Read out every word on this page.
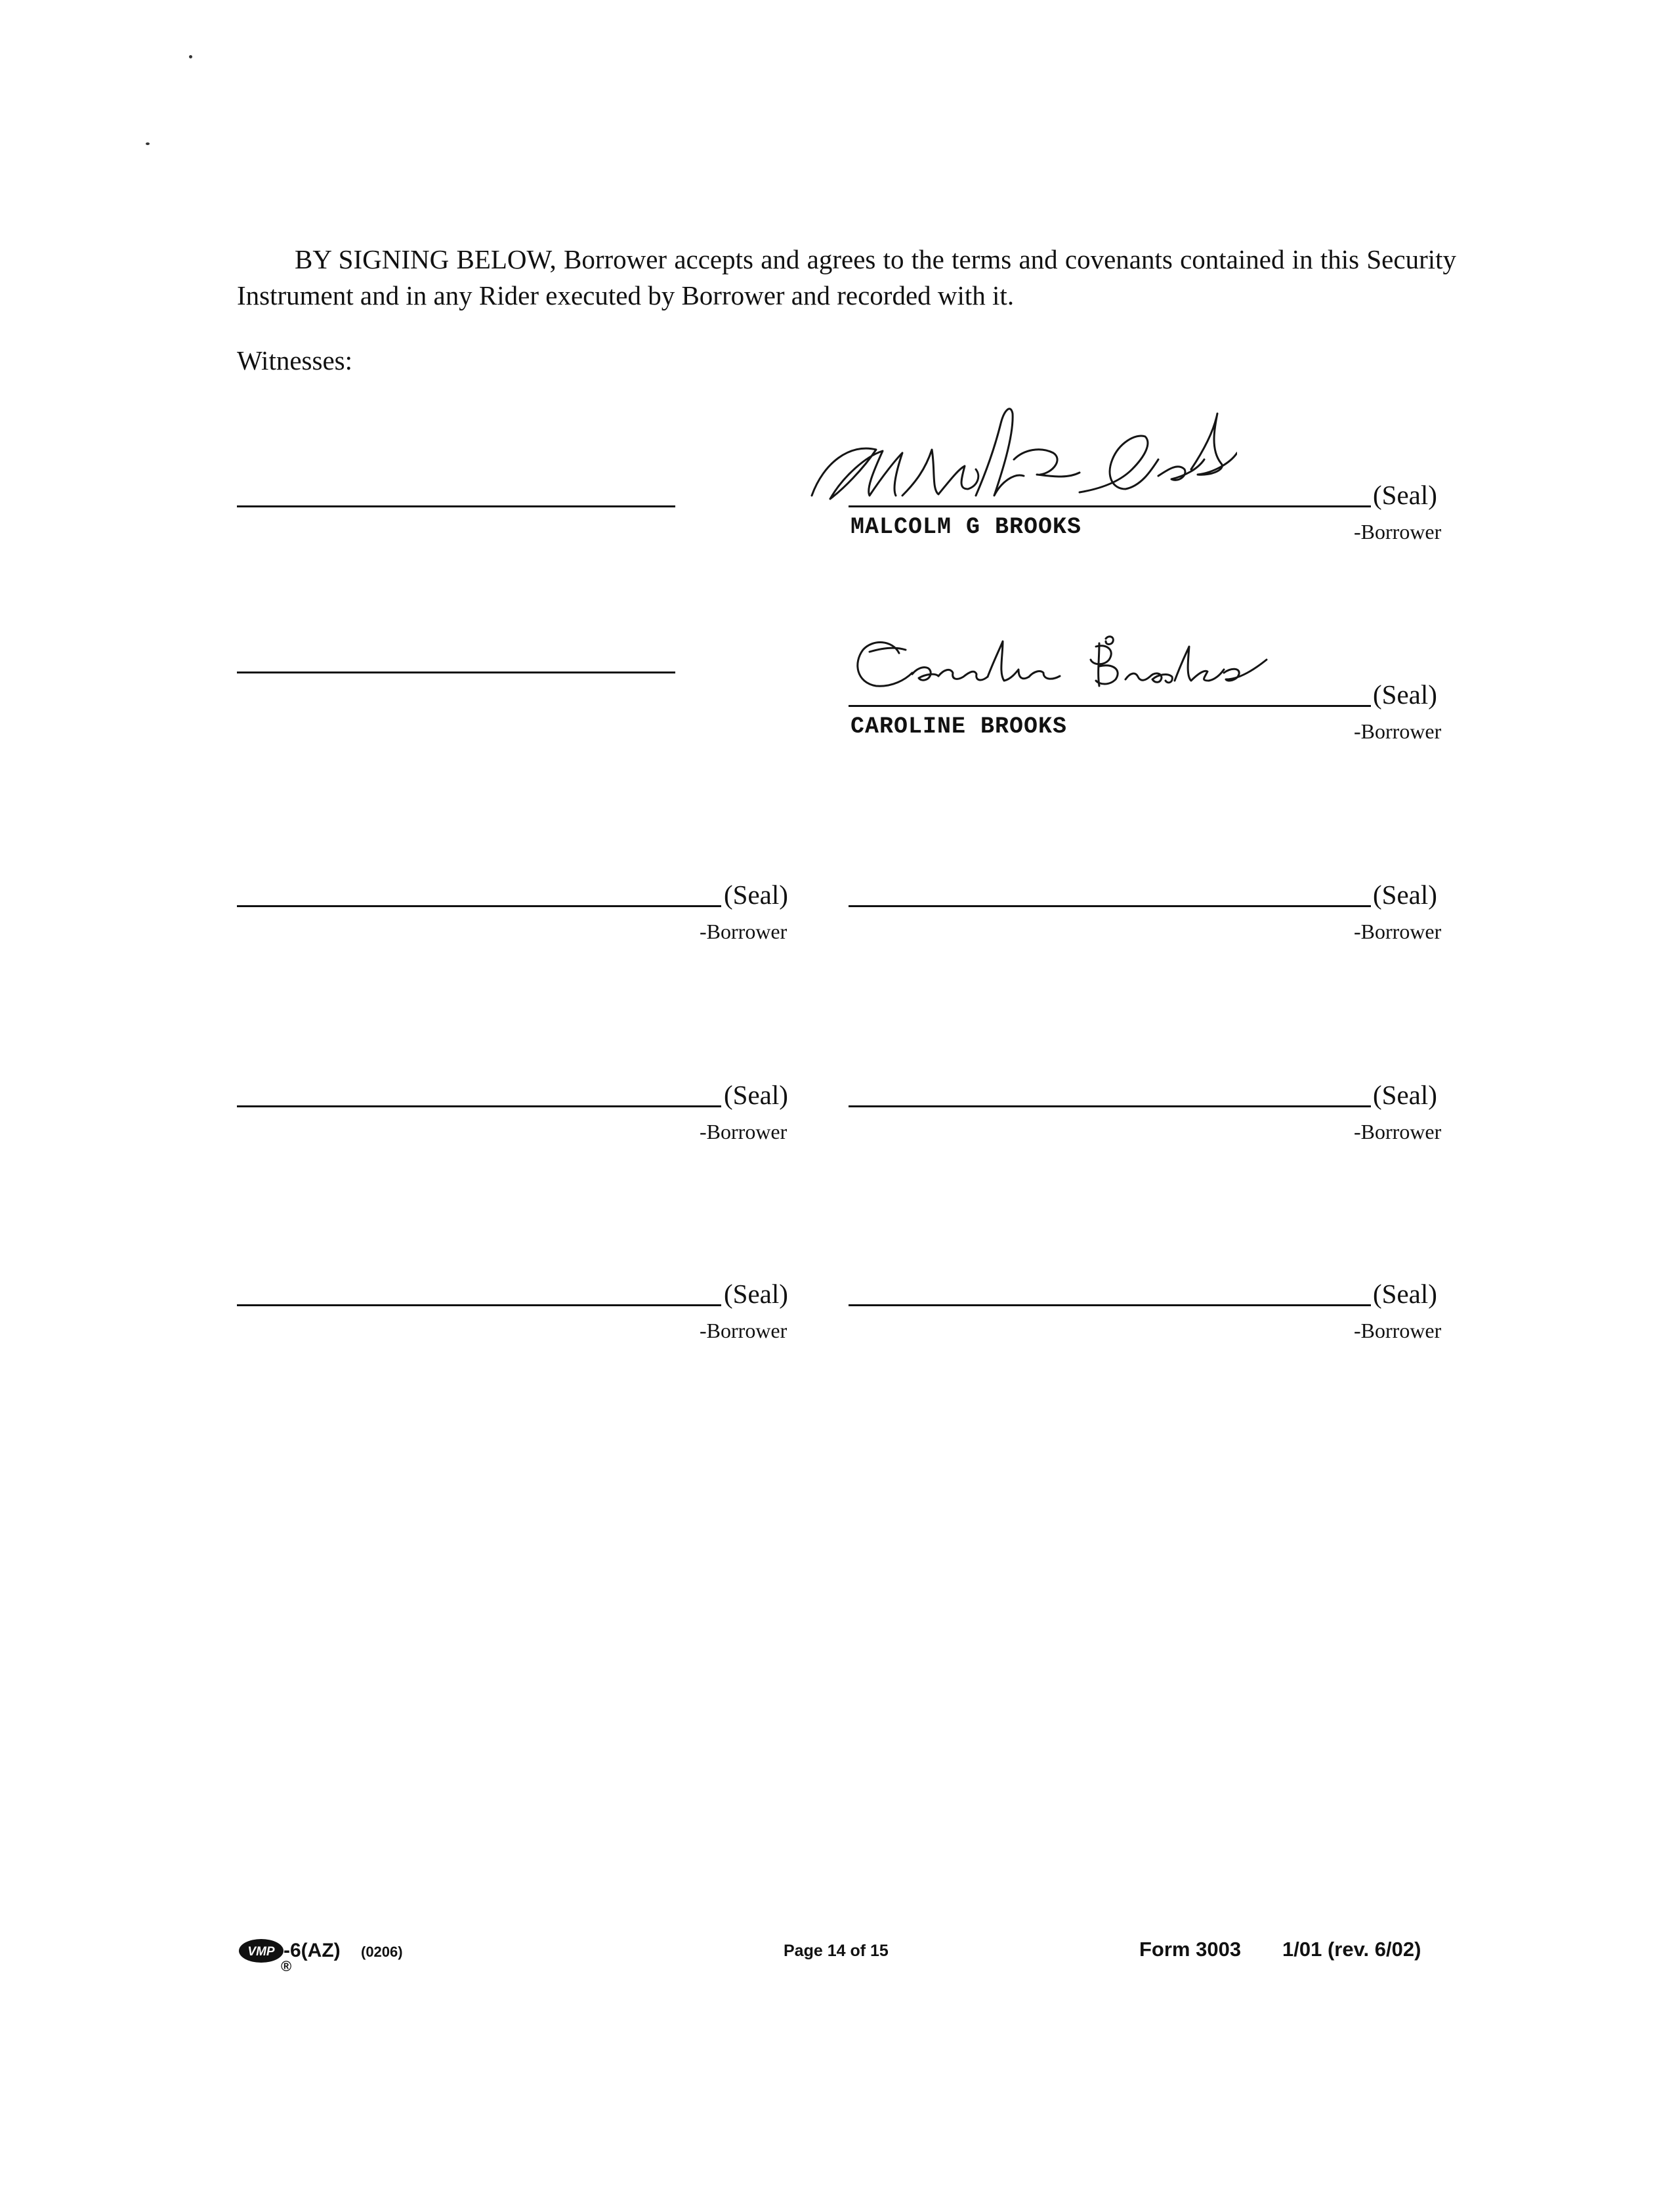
BY SIGNING BELOW, Borrower accepts and agrees to the terms and covenants contained in this Security Instrument and in any Rider executed by Borrower and recorded with it.

Witnesses:

(Seal)
MALCOLM G BROOKS	-Borrower
(Seal)
CAROLINE BROOKS	-Borrower
(Seal)
-Borrower
(Seal)
-Borrower
(Seal)
-Borrower
(Seal)
-Borrower
(Seal)
-Borrower
(Seal)
-Borrower
VMP -6(AZ) (0206)
®
Page 14 of 15	Form 3003 1/01 (rev. 6/02)
